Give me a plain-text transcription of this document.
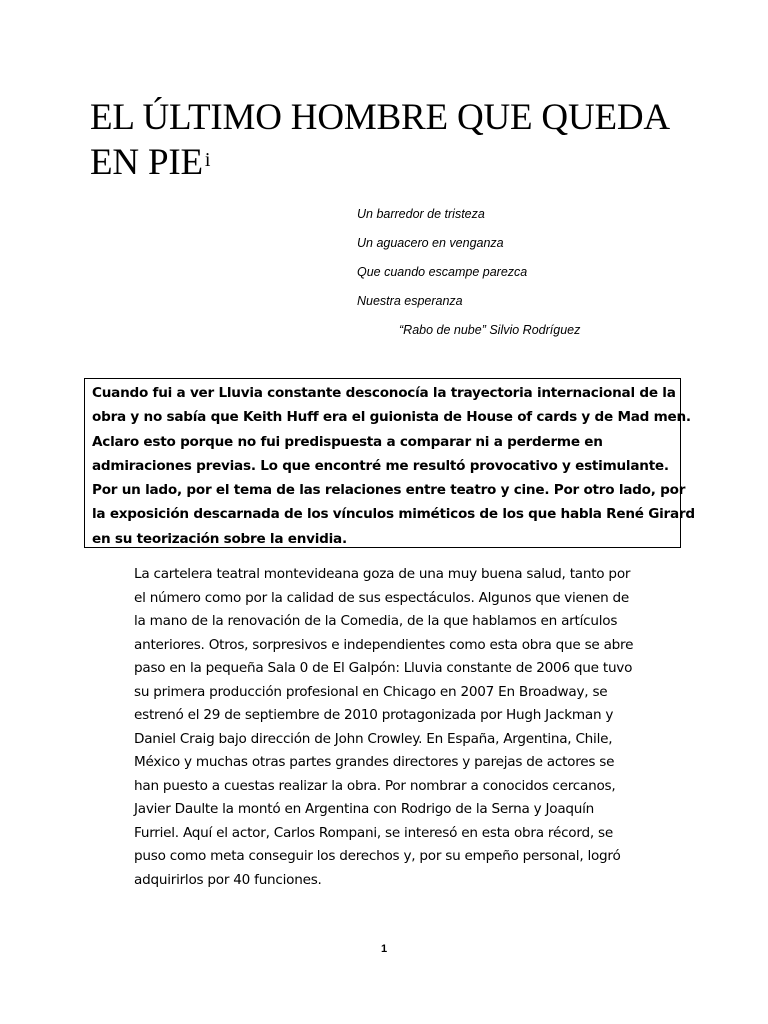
EL ÚLTIMO HOMBRE QUE QUEDA
EN PIE $^i$
Un barredor de tristeza
Un aguacero en venganza
Que cuando escampe parezca
Nuestra esperanza
“Rabo de nube” Silvio Rodríguez
Cuando fui a ver Lluvia constante desconocía la trayectoria internacional de la
obra y no sabía que Keith Huff era el guionista de House of cards y de Mad men.
Aclaro esto porque no fui predispuesta a comparar ni a perderme en
admiraciones previas. Lo que encontré me resultó provocativo y estimulante.
Por un lado, por el tema de las relaciones entre teatro y cine. Por otro lado, por
la exposición descarnada de los vínculos miméticos de los que habla René Girard
en su teorización sobre la envidia.
La cartelera teatral montevideana goza de una muy buena salud, tanto por
el número como por la calidad de sus espectáculos. Algunos que vienen de
la mano de la renovación de la Comedia, de la que hablamos en artículos
anteriores. Otros, sorpresivos e independientes como esta obra que se abre
paso en la pequeña Sala 0 de El Galpón: Lluvia constante de 2006 que tuvo
su primera producción profesional en Chicago en 2007 En Broadway, se
estrenó el 29 de septiembre de 2010 protagonizada por Hugh Jackman y
Daniel Craig bajo dirección de John Crowley. En España, Argentina, Chile,
México y muchas otras partes grandes directores y parejas de actores se
han puesto a cuestas realizar la obra. Por nombrar a conocidos cercanos,
Javier Daulte la montó en Argentina con Rodrigo de la Serna y Joaquín
Furriel. Aquí el actor, Carlos Rompani, se interesó en esta obra récord, se
puso como meta conseguir los derechos y, por su empeño personal, logró
adquirirlos por 40 funciones.
1
